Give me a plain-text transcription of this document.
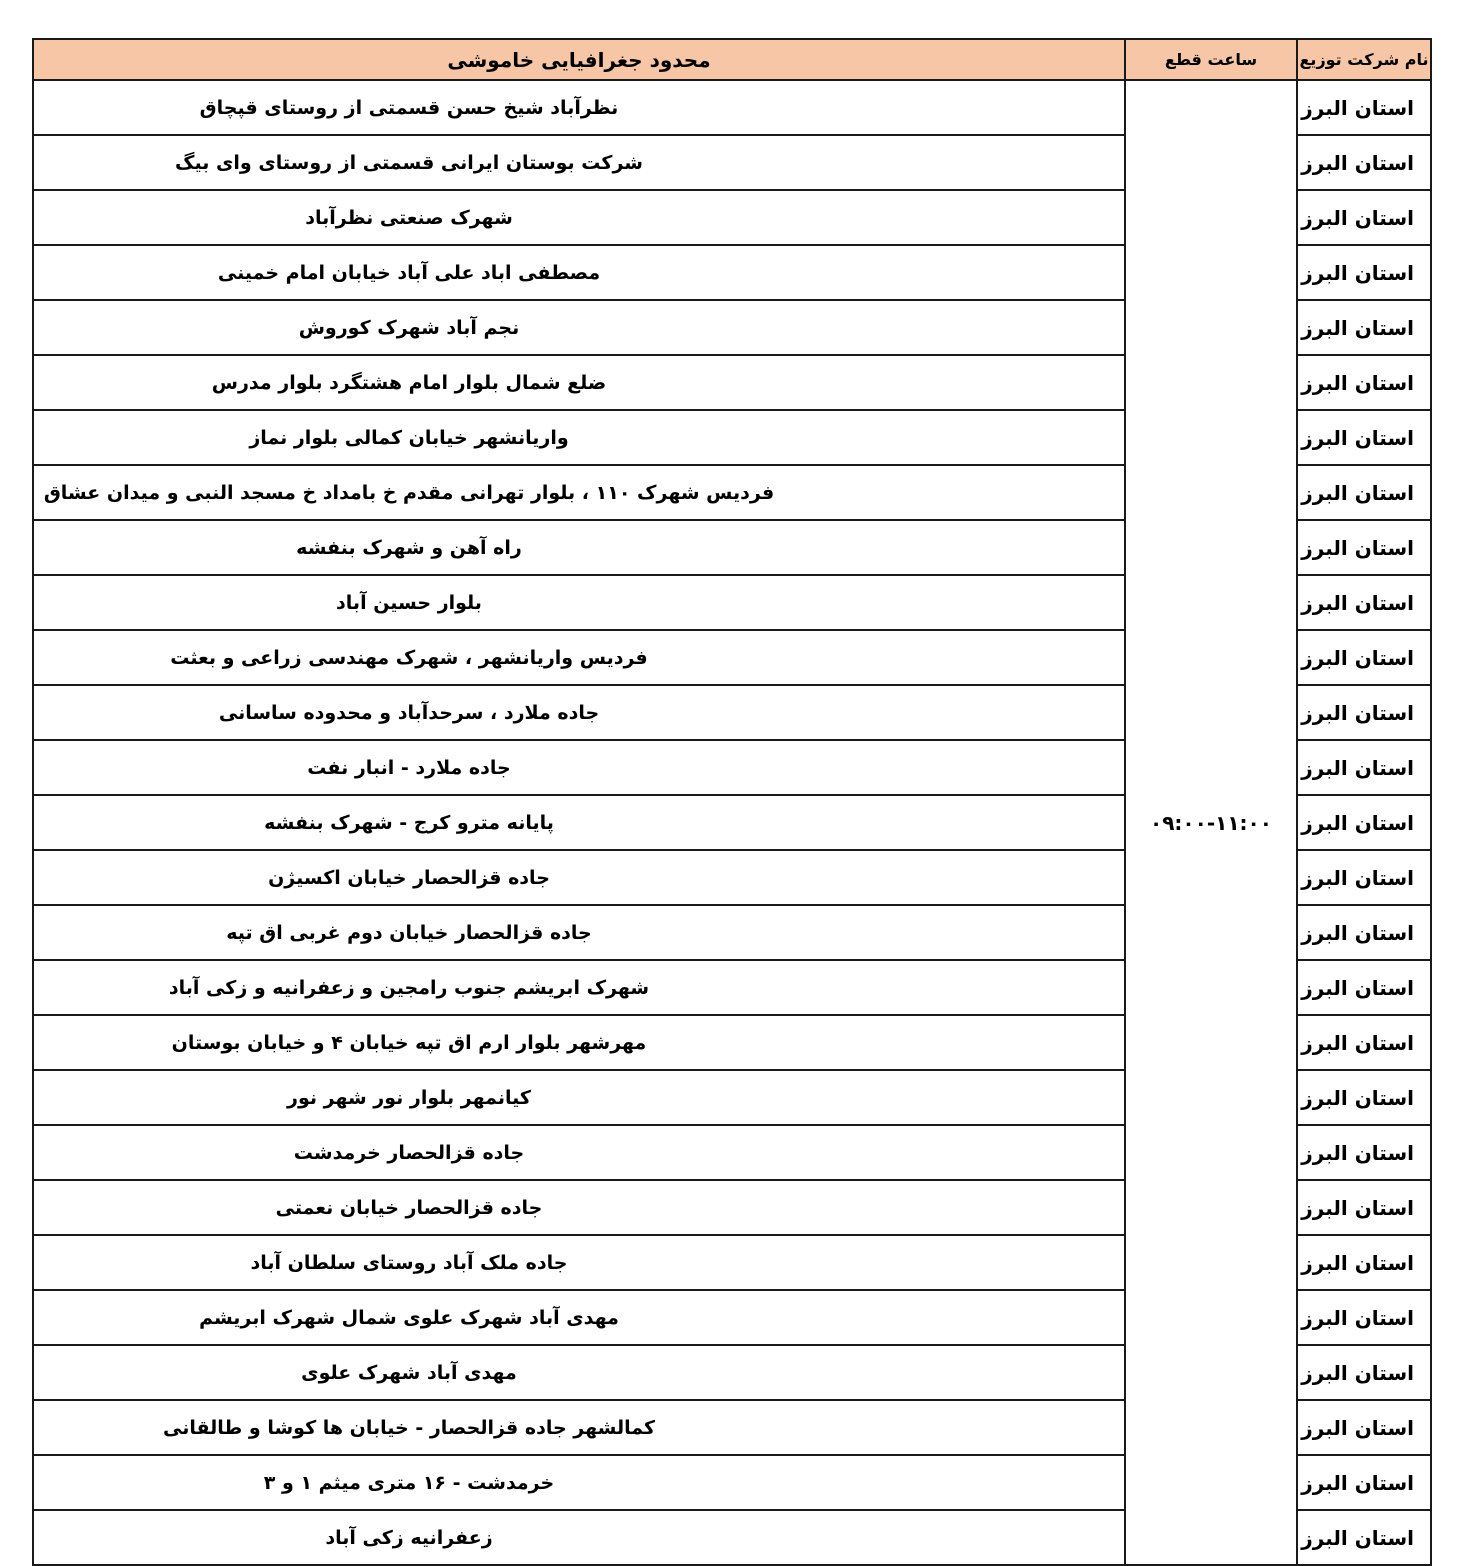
نام شرکت توزیع	ساعت قطع	محدود جغرافیایی خاموشی
استان البرز	۰۹:۰۰-۱۱:۰۰	نظرآباد شیخ حسن قسمتی از روستای قپچاق
استان البرز		شرکت بوستان ایرانی قسمتی از روستای وای بیگ
استان البرز		شهرک صنعتی نظرآباد
استان البرز		مصطفی اباد علی آباد خیابان امام خمینی
استان البرز		نجم آباد شهرک کوروش
استان البرز		ضلع شمال بلوار امام هشتگرد بلوار مدرس
استان البرز		واریانشهر خیابان کمالی بلوار نماز
استان البرز		فردیس شهرک ۱۱۰ ، بلوار تهرانی مقدم خ بامداد خ مسجد النبی و میدان عشاق
استان البرز		راه آهن و شهرک بنفشه
استان البرز		بلوار حسین آباد
استان البرز		فردیس واریانشهر ، شهرک مهندسی زراعی و بعثت
استان البرز		جاده ملارد ، سرحدآباد و محدوده ساسانی
استان البرز		جاده ملارد - انبار نفت
استان البرز		پایانه مترو کرج - شهرک بنفشه
استان البرز		جاده قزالحصار خیابان اکسیژن
استان البرز		جاده قزالحصار خیابان دوم غربی اق تپه
استان البرز		شهرک ابریشم جنوب رامجین و زعفرانیه و زکی آباد
استان البرز		مهرشهر بلوار ارم اق تپه خیابان ۴ و خیابان بوستان
استان البرز		کیانمهر بلوار نور شهر نور
استان البرز		جاده قزالحصار خرمدشت
استان البرز		جاده قزالحصار خیابان نعمتی
استان البرز		جاده ملک آباد روستای سلطان آباد
استان البرز		مهدی آباد شهرک علوی شمال شهرک ابریشم
استان البرز		مهدی آباد شهرک علوی
استان البرز		کمالشهر جاده قزالحصار - خیابان ها کوشا و طالقانی
استان البرز		خرمدشت - ۱۶ متری میثم ۱ و ۳
استان البرز		زعفرانیه زکی آباد
